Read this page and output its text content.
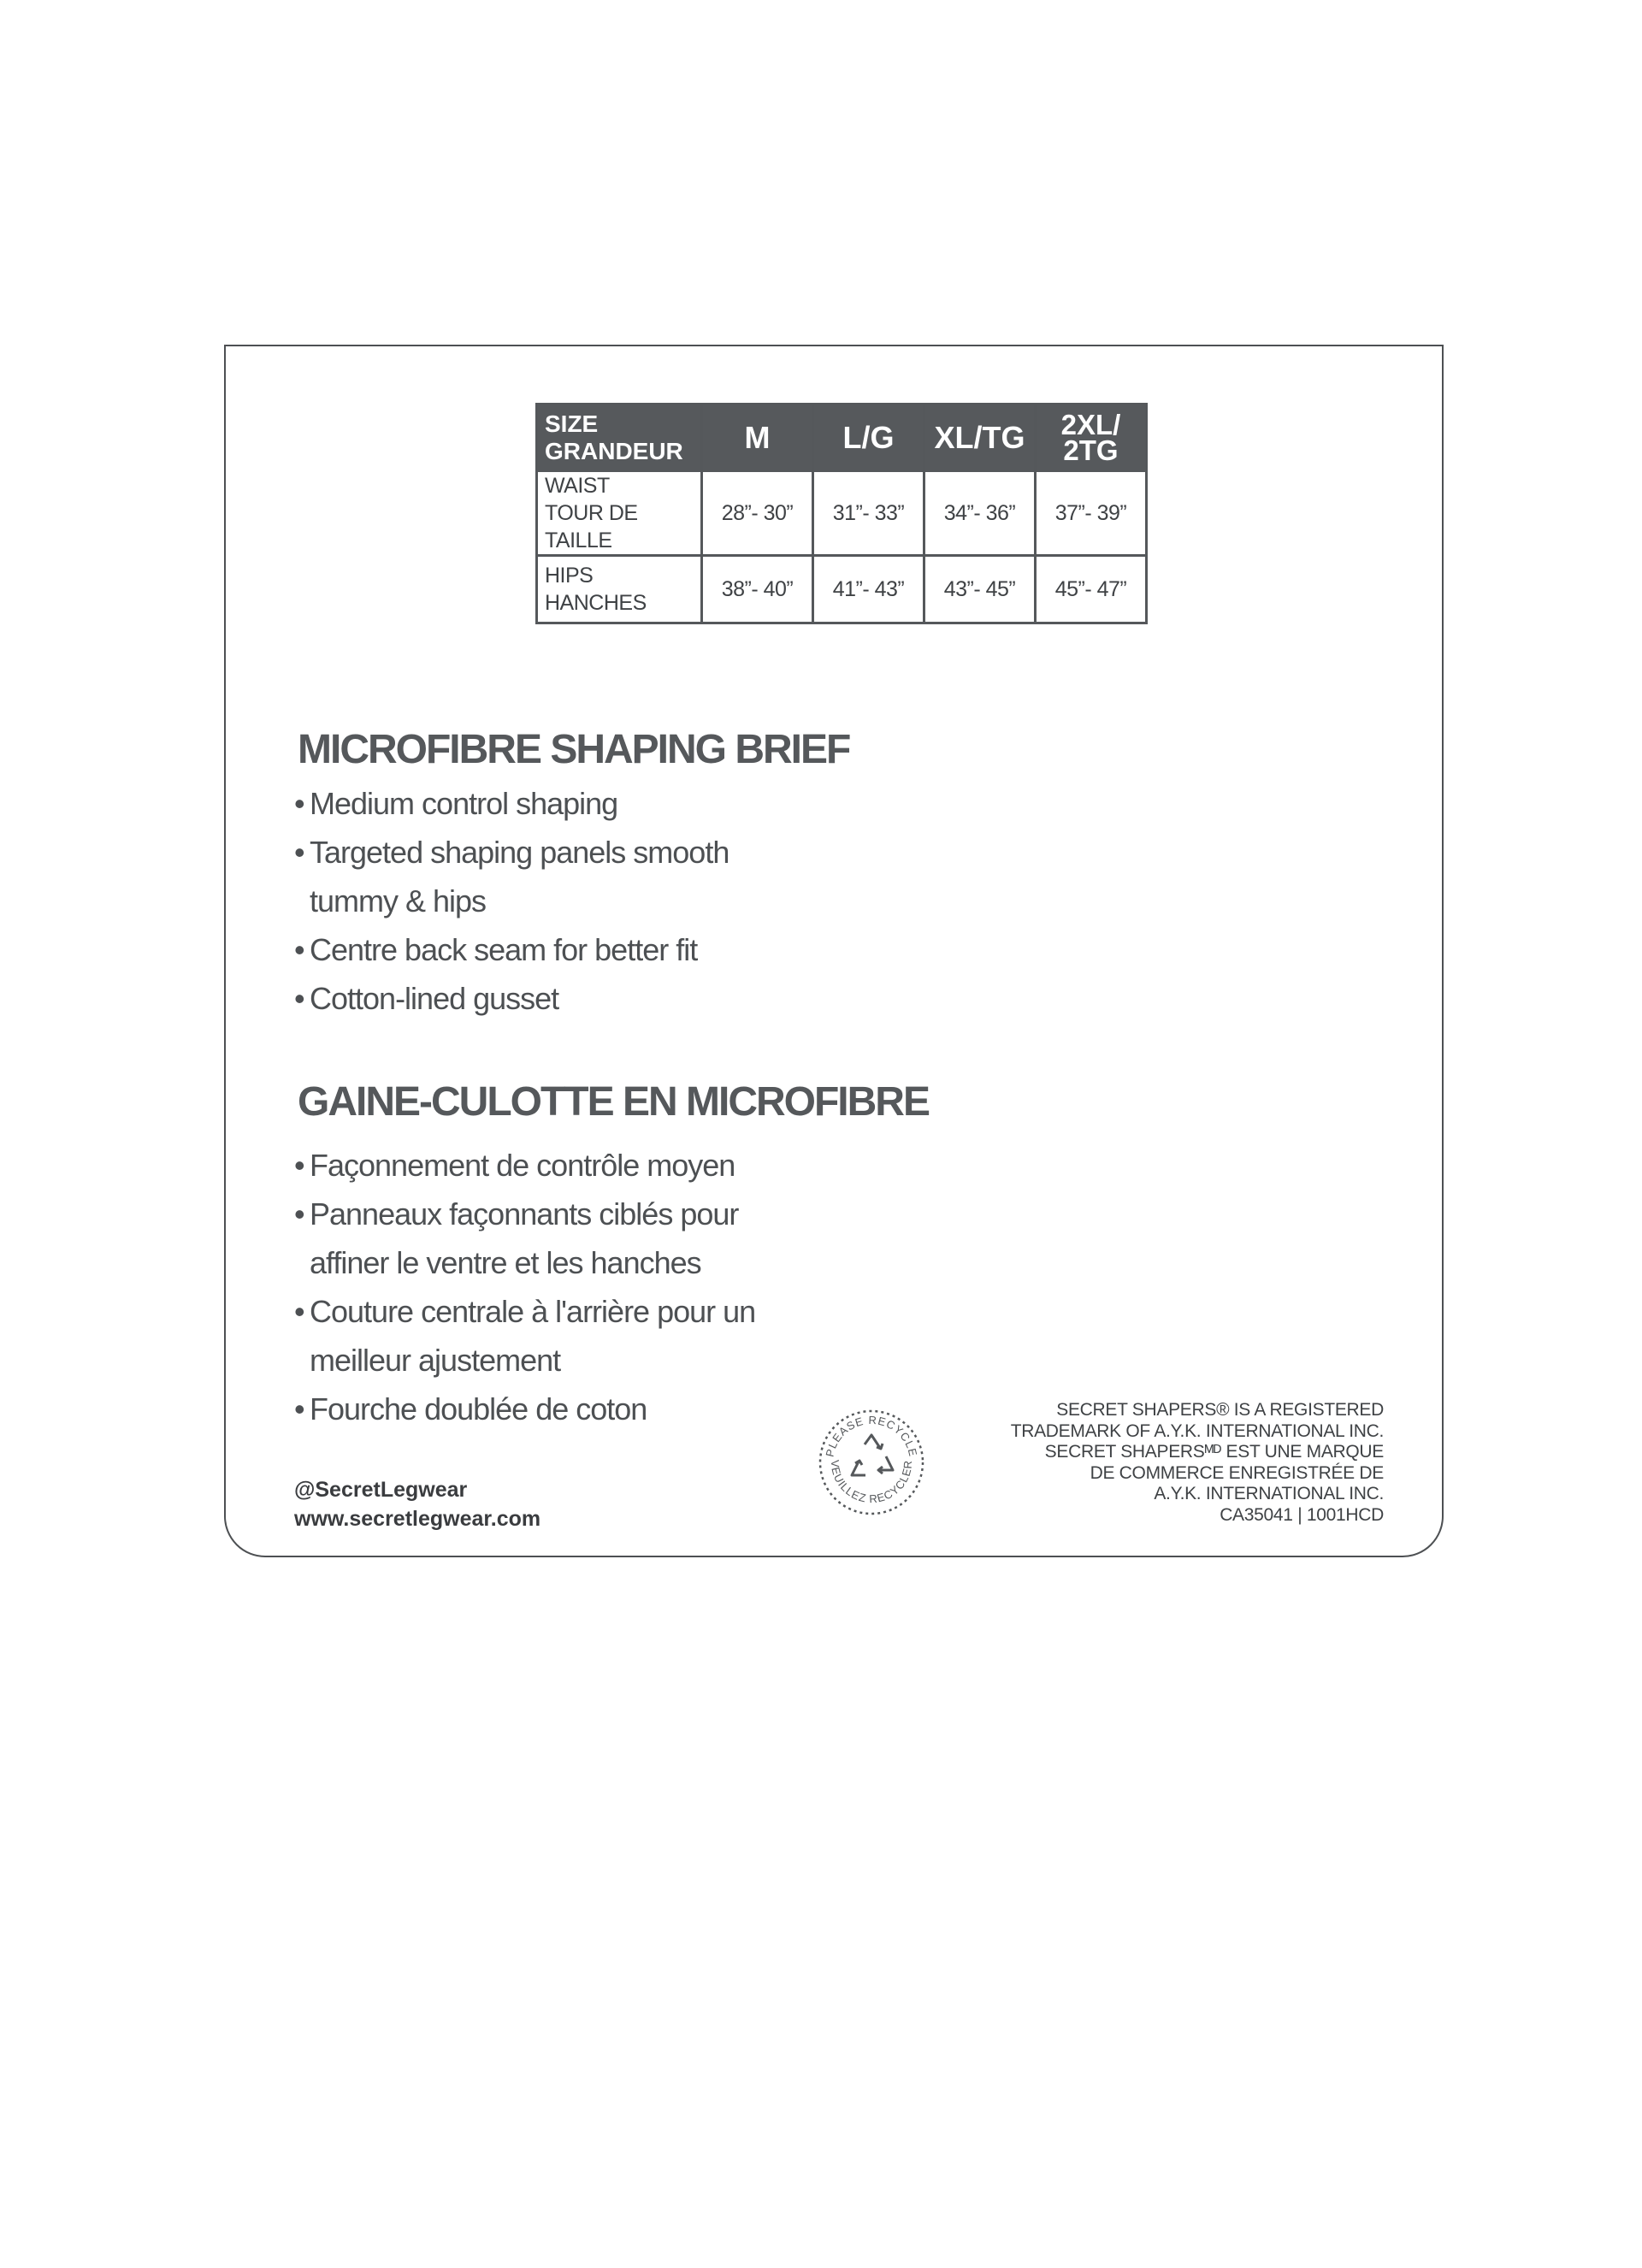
SIZE
GRANDEUR	M	L/G	XL/TG	2XL/
2TG
WAIST
TOUR DE TAILLE	28”- 30”	31”- 33”	34”- 36”	37”- 39”
HIPS
HANCHES	38”- 40”	41”- 43”	43”- 45”	45”- 47”
MICROFIBRE SHAPING BRIEF
• Medium control shaping
• Targeted shaping panels smooth
tummy & hips
• Centre back seam for better fit
• Cotton-lined gusset
GAINE-CULOTTE EN MICROFIBRE
• Façonnement de contrôle moyen
• Panneaux façonnants ciblés pour
affiner le ventre et les hanches
• Couture centrale à l'arrière pour un
meilleur ajustement
• Fourche doublée de coton
@SecretLegwear
www.secretlegwear.com
PLEASE RECYCLE
VEUILLEZ RECYCLER
SECRET SHAPERS® IS A REGISTERED
TRADEMARK OF A.Y.K. INTERNATIONAL INC.
SECRET SHAPERSᴹᴰ EST UNE MARQUE
DE COMMERCE ENREGISTRÉE DE
A.Y.K. INTERNATIONAL INC.
CA35041 | 1001HCD
